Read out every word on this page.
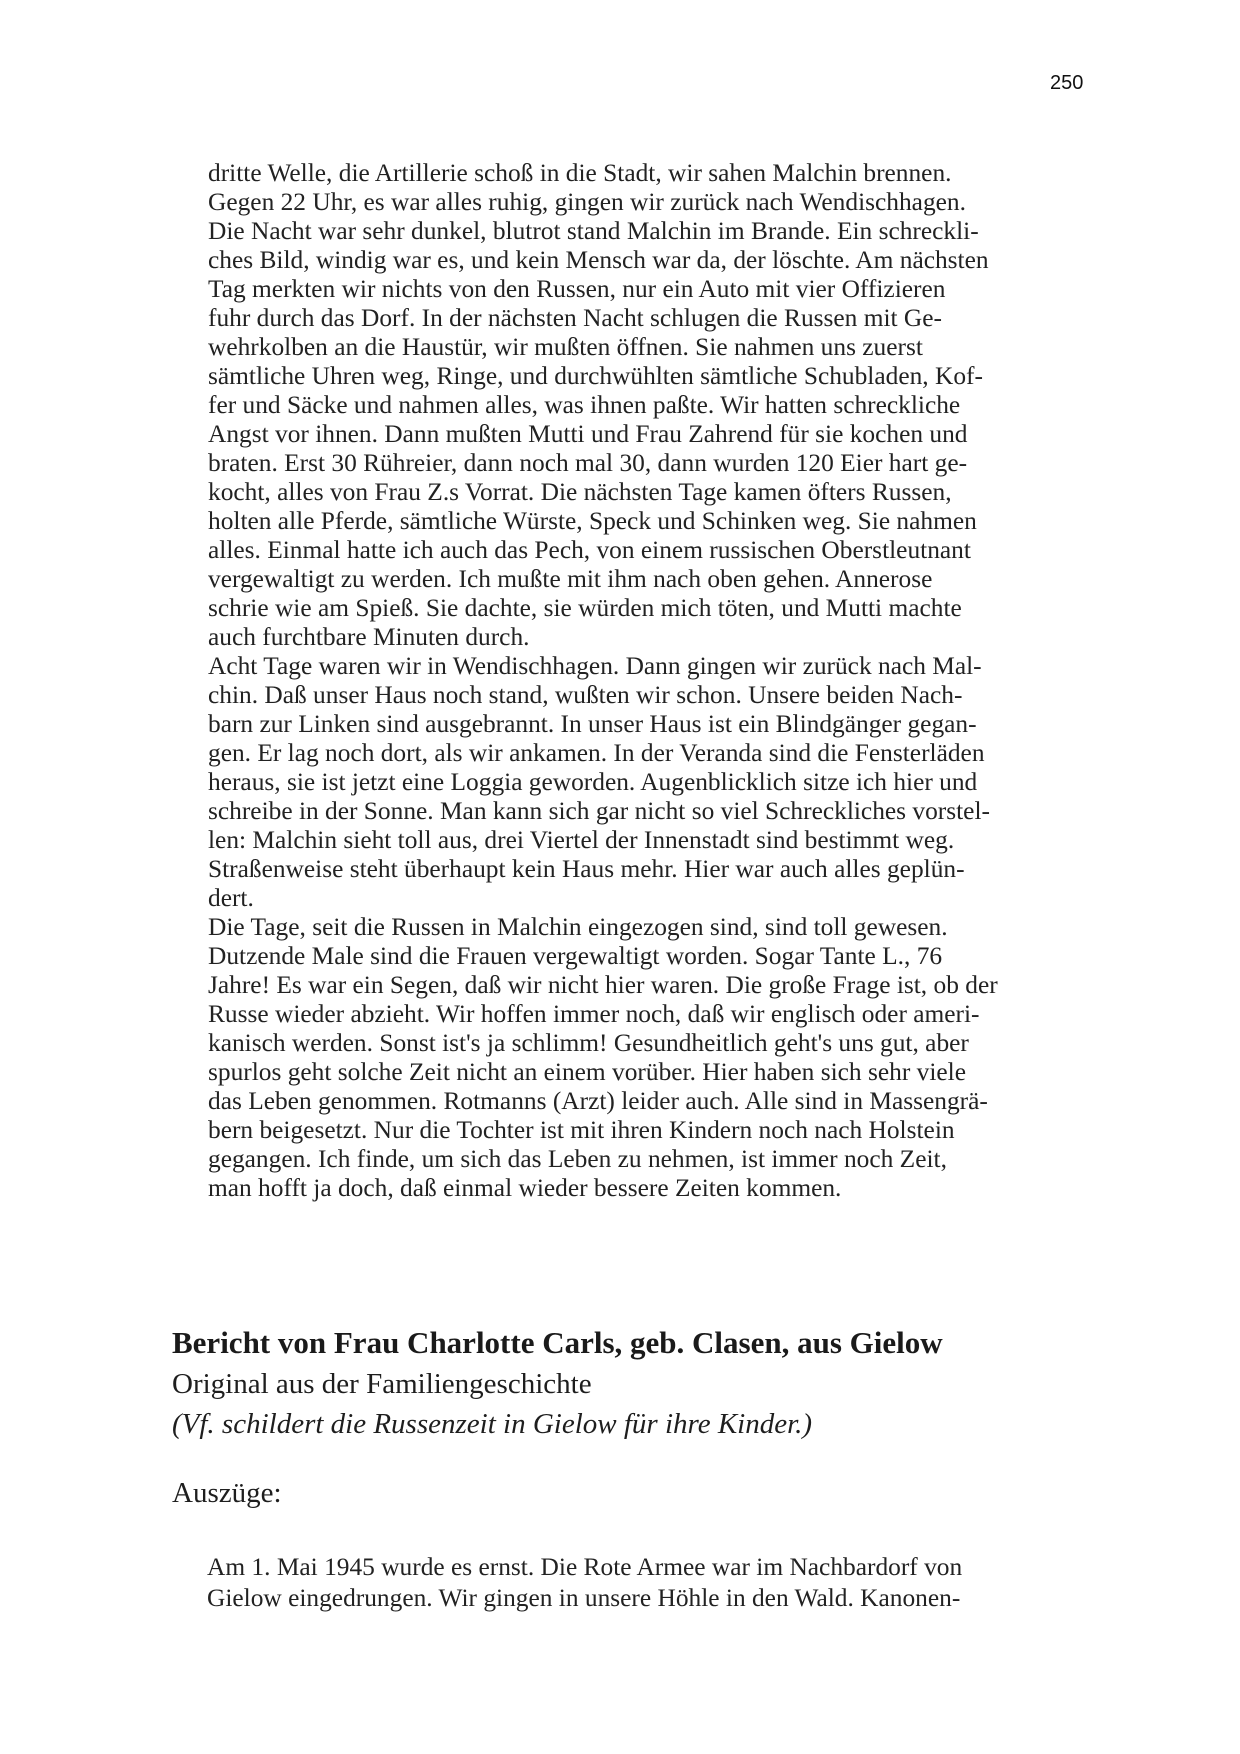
250
dritte Welle, die Artillerie schoß in die Stadt, wir sahen Malchin brennen.
Gegen 22 Uhr, es war alles ruhig, gingen wir zurück nach Wendischhagen.
Die Nacht war sehr dunkel, blutrot stand Malchin im Brande. Ein schreckli-
ches Bild, windig war es, und kein Mensch war da, der löschte. Am nächsten
Tag merkten wir nichts von den Russen, nur ein Auto mit vier Offizieren
fuhr durch das Dorf. In der nächsten Nacht schlugen die Russen mit Ge-
wehrkolben an die Haustür, wir mußten öffnen. Sie nahmen uns zuerst
sämtliche Uhren weg, Ringe, und durchwühlten sämtliche Schubladen, Kof-
fer und Säcke und nahmen alles, was ihnen paßte. Wir hatten schreckliche
Angst vor ihnen. Dann mußten Mutti und Frau Zahrend für sie kochen und
braten. Erst 30 Rühreier, dann noch mal 30, dann wurden 120 Eier hart ge-
kocht, alles von Frau Z.s Vorrat. Die nächsten Tage kamen öfters Russen,
holten alle Pferde, sämtliche Würste, Speck und Schinken weg. Sie nahmen
alles. Einmal hatte ich auch das Pech, von einem russischen Oberstleutnant
vergewaltigt zu werden. Ich mußte mit ihm nach oben gehen. Annerose
schrie wie am Spieß. Sie dachte, sie würden mich töten, und Mutti machte
auch furchtbare Minuten durch.
Acht Tage waren wir in Wendischhagen. Dann gingen wir zurück nach Mal-
chin. Daß unser Haus noch stand, wußten wir schon. Unsere beiden Nach-
barn zur Linken sind ausgebrannt. In unser Haus ist ein Blindgänger gegan-
gen. Er lag noch dort, als wir ankamen. In der Veranda sind die Fensterläden
heraus, sie ist jetzt eine Loggia geworden. Augenblicklich sitze ich hier und
schreibe in der Sonne. Man kann sich gar nicht so viel Schreckliches vorstel-
len: Malchin sieht toll aus, drei Viertel der Innenstadt sind bestimmt weg.
Straßenweise steht überhaupt kein Haus mehr. Hier war auch alles geplün-
dert.
Die Tage, seit die Russen in Malchin eingezogen sind, sind toll gewesen.
Dutzende Male sind die Frauen vergewaltigt worden. Sogar Tante L., 76
Jahre! Es war ein Segen, daß wir nicht hier waren. Die große Frage ist, ob der
Russe wieder abzieht. Wir hoffen immer noch, daß wir englisch oder ameri-
kanisch werden. Sonst ist's ja schlimm! Gesundheitlich geht's uns gut, aber
spurlos geht solche Zeit nicht an einem vorüber. Hier haben sich sehr viele
das Leben genommen. Rotmanns (Arzt) leider auch. Alle sind in Massengrä-
bern beigesetzt. Nur die Tochter ist mit ihren Kindern noch nach Holstein
gegangen. Ich finde, um sich das Leben zu nehmen, ist immer noch Zeit,
man hofft ja doch, daß einmal wieder bessere Zeiten kommen.
Bericht von Frau Charlotte Carls, geb. Clasen, aus Gielow
Original aus der Familiengeschichte
(Vf. schildert die Russenzeit in Gielow für ihre Kinder.)
Auszüge:
Am 1. Mai 1945 wurde es ernst. Die Rote Armee war im Nachbardorf von
Gielow eingedrungen. Wir gingen in unsere Höhle in den Wald. Kanonen-
